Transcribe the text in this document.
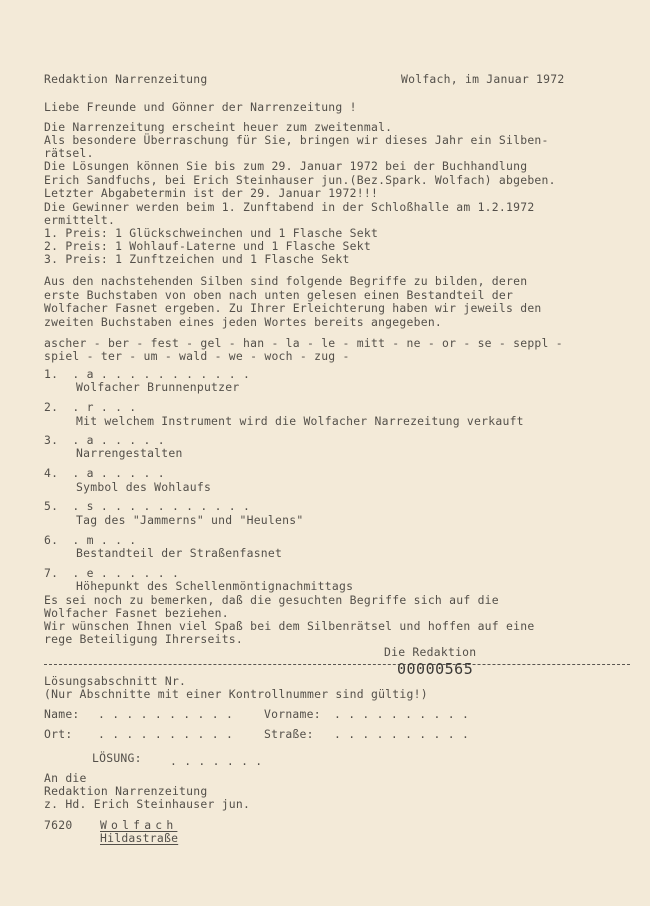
Redaktion Narrenzeitung	Wolfach, im Januar 1972
Liebe Freunde und Gönner der Narrenzeitung !
Die Narrenzeitung erscheint heuer zum zweitenmal.
Als besondere Überraschung für Sie, bringen wir dieses Jahr ein Silben-
rätsel.
Die Lösungen können Sie bis zum 29. Januar 1972 bei der Buchhandlung
Erich Sandfuchs, bei Erich Steinhauser jun.(Bez.Spark. Wolfach) abgeben.
Letzter Abgabetermin ist der 29. Januar 1972!!!
Die Gewinner werden beim 1. Zunftabend in der Schloßhalle am 1.2.1972
ermittelt.
1. Preis: 1 Glückschweinchen und 1 Flasche Sekt
2. Preis: 1 Wohlauf-Laterne und 1 Flasche Sekt
3. Preis: 1 Zunftzeichen und 1 Flasche Sekt
Aus den nachstehenden Silben sind folgende Begriffe zu bilden, deren
erste Buchstaben von oben nach unten gelesen einen Bestandteil der
Wolfacher Fasnet ergeben. Zu Ihrer Erleichterung haben wir jeweils den
zweiten Buchstaben eines jeden Wortes bereits angegeben.
ascher - ber - fest - gel - han - la - le - mitt - ne - or - se - seppl -
spiel - ter - um - wald - we - woch - zug -
1.  . a . . . . . . . . . . .
Wolfacher Brunnenputzer
2.  . r . . .
Mit welchem Instrument wird die Wolfacher Narrezeitung verkauft
3.  . a . . . . .
Narrengestalten
4.  . a . . . . .
Symbol des Wohlaufs
5.  . s . . . . . . . . . . .
Tag des "Jammerns" und "Heulens"
6.  . m . . .
Bestandteil der Straßenfasnet
7.  . e . . . . . .
Höhepunkt des Schellenmöntignachmittags
Es sei noch zu bemerken, daß die gesuchten Begriffe sich auf die
Wolfacher Fasnet beziehen.
Wir wünschen Ihnen viel Spaß bei dem Silbenrätsel und hoffen auf eine
rege Beteiligung Ihrerseits.
Die Redaktion
00000565
Lösungsabschnitt Nr.
(Nur Abschnitte mit einer Kontrollnummer sind gültig!)
Name: . . . . . . . . . .	Vorname: . . . . . . . . . .
Ort: . . . . . . . . . .	Straße: . . . . . . . . . .
LÖSUNG: . . . . . . .
An die
Redaktion Narrenzeitung
z. Hd. Erich Steinhauser jun.
7620 Wolfach
Hildastraße
